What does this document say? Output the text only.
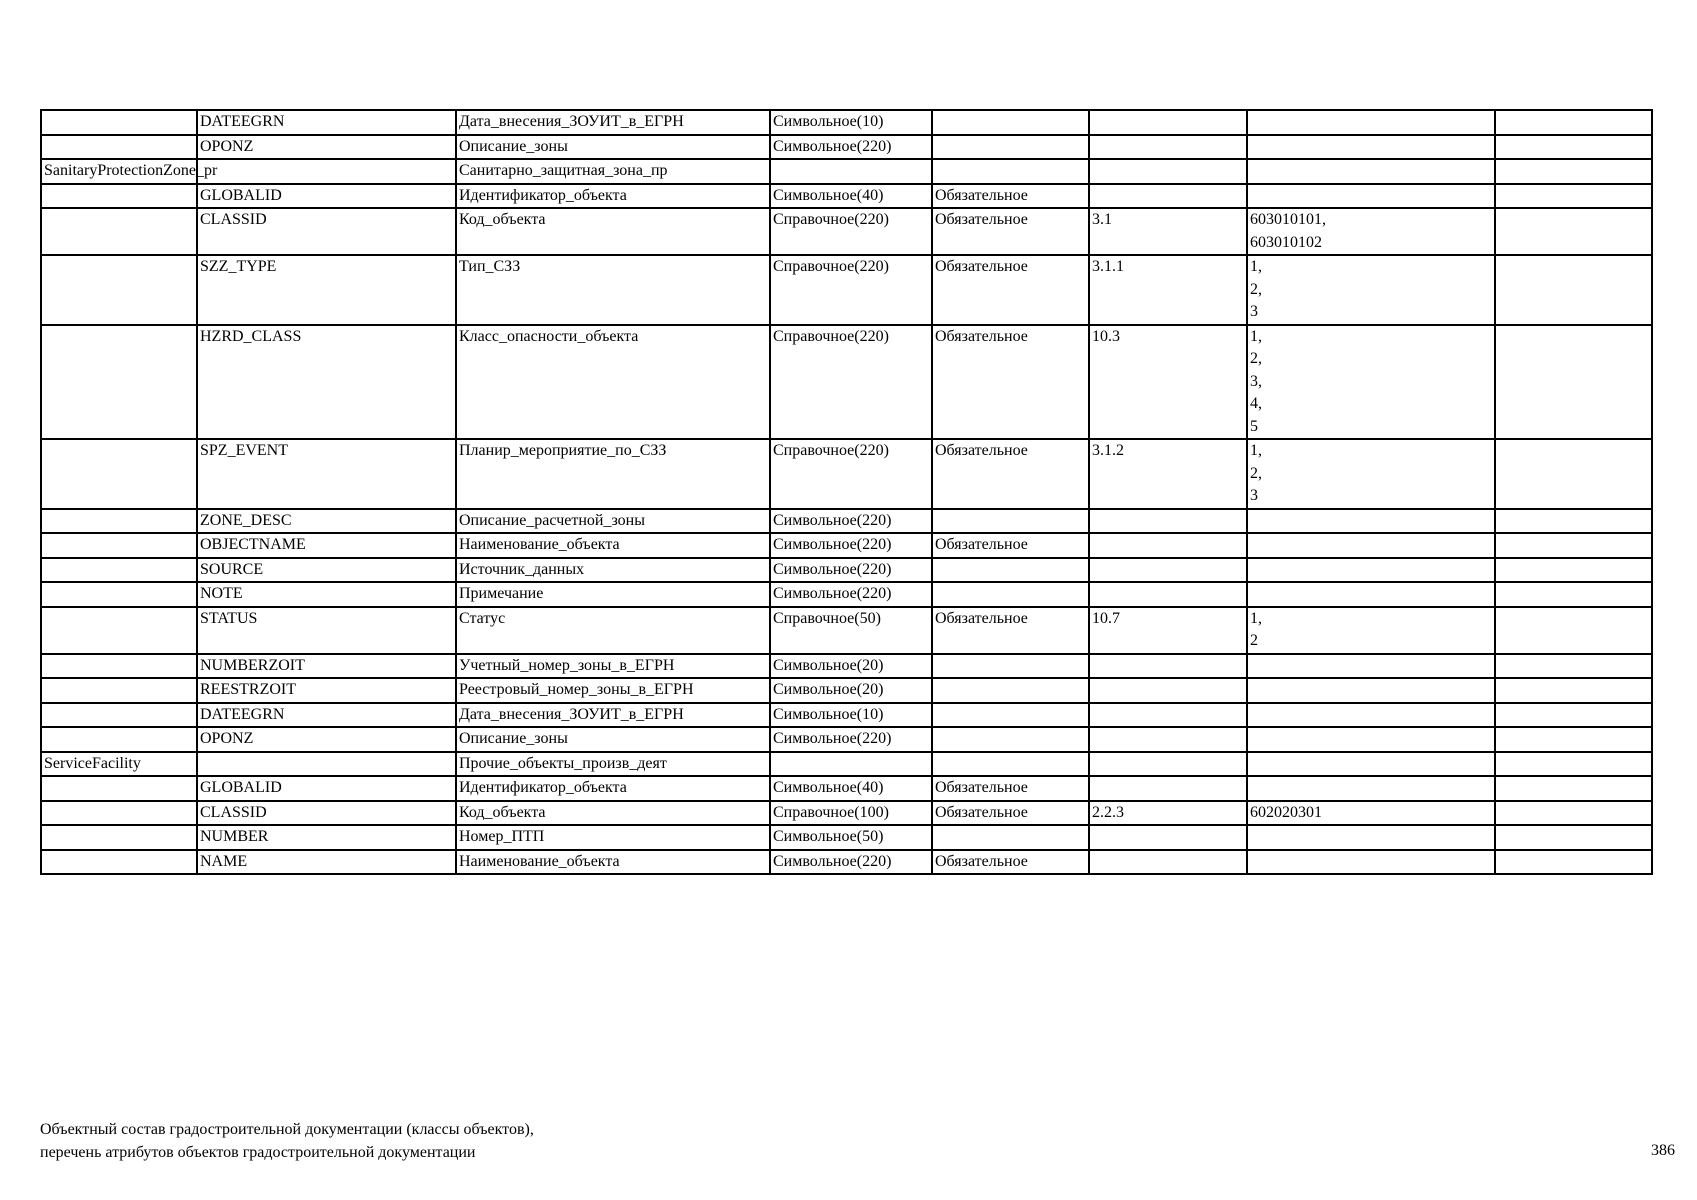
	DATEEGRN	Дата_внесения_ЗОУИТ_в_ЕГРН	Символьное(10)				
	OPONZ	Описание_зоны	Символьное(220)				
SanitaryProtectionZone_pr		Санитарно_защитная_зона_пр					
	GLOBALID	Идентификатор_объекта	Символьное(40)	Обязательное			
	CLASSID	Код_объекта	Справочное(220)	Обязательное	3.1	603010101,
603010102	
	SZZ_TYPE	Тип_СЗЗ	Справочное(220)	Обязательное	3.1.1	1,
2,
3	
	HZRD_CLASS	Класс_опасности_объекта	Справочное(220)	Обязательное	10.3	1,
2,
3,
4,
5	
	SPZ_EVENT	Планир_мероприятие_по_СЗЗ	Справочное(220)	Обязательное	3.1.2	1,
2,
3	
	ZONE_DESC	Описание_расчетной_зоны	Символьное(220)				
	OBJECTNAME	Наименование_объекта	Символьное(220)	Обязательное			
	SOURCE	Источник_данных	Символьное(220)				
	NOTE	Примечание	Символьное(220)				
	STATUS	Статус	Справочное(50)	Обязательное	10.7	1,
2	
	NUMBERZOIT	Учетный_номер_зоны_в_ЕГРН	Символьное(20)				
	REESTRZOIT	Реестровый_номер_зоны_в_ЕГРН	Символьное(20)				
	DATEEGRN	Дата_внесения_ЗОУИТ_в_ЕГРН	Символьное(10)				
	OPONZ	Описание_зоны	Символьное(220)				
ServiceFacility		Прочие_объекты_произв_деят					
	GLOBALID	Идентификатор_объекта	Символьное(40)	Обязательное			
	CLASSID	Код_объекта	Справочное(100)	Обязательное	2.2.3	602020301	
	NUMBER	Номер_ПТП	Символьное(50)				
	NAME	Наименование_объекта	Символьное(220)	Обязательное			
Объектный состав градостроительной документации (классы объектов),
перечень атрибутов объектов градостроительной документации	386
